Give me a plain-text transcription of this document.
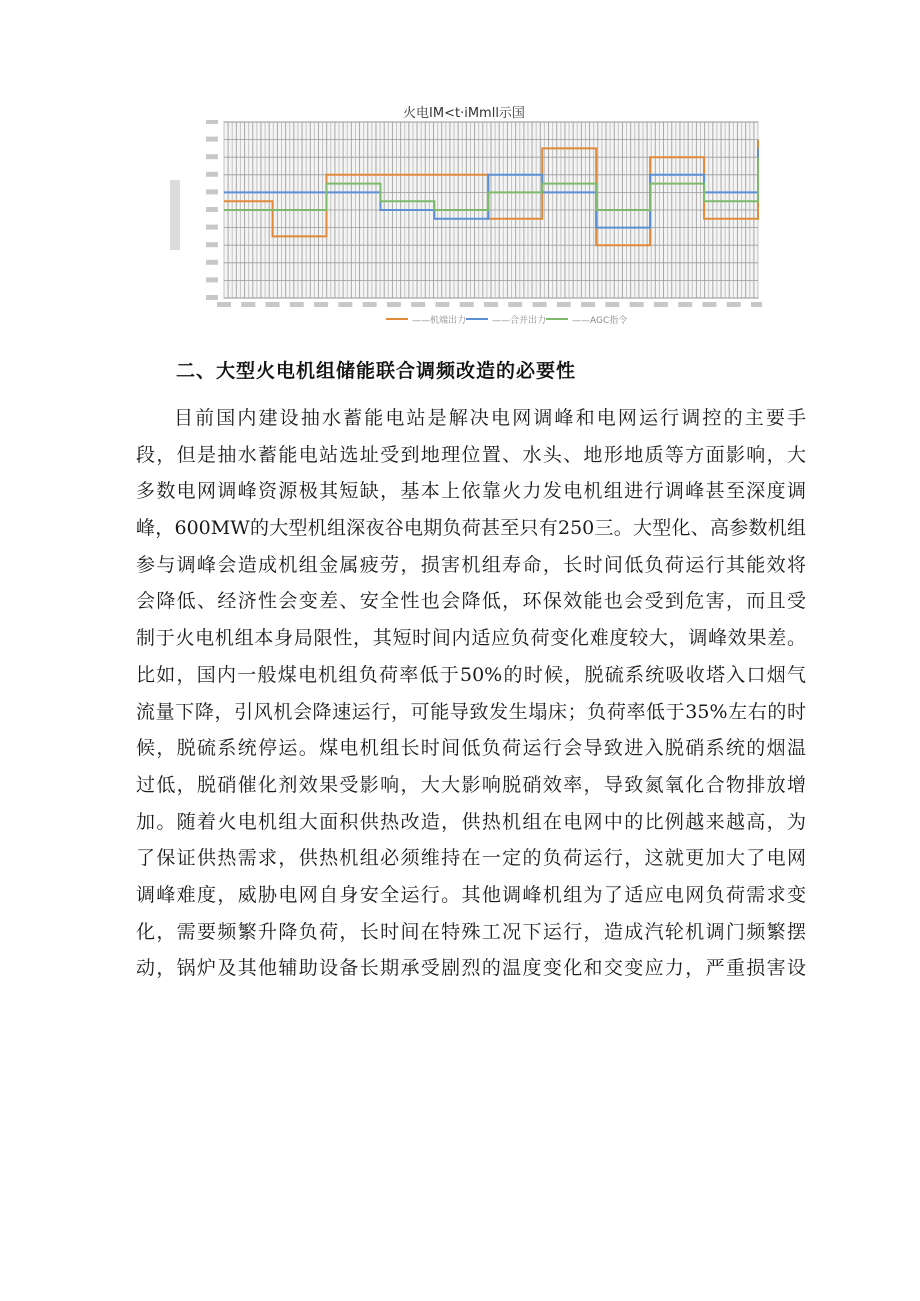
火电IM<t·iMmll示国
——机端出力	——合并出力	——AGC指令
二、大型火电机组储能联合调频改造的必要性
目前国内建设抽水蓄能电站是解决电网调峰和电网运行调控的主要手
段，但是抽水蓄能电站选址受到地理位置、水头、地形地质等方面影响，大
多数电网调峰资源极其短缺，基本上依靠火力发电机组进行调峰甚至深度调
峰，600MW的大型机组深夜谷电期负荷甚至只有250三。大型化、高参数机组
参与调峰会造成机组金属疲劳，损害机组寿命，长时间低负荷运行其能效将
会降低、经济性会变差、安全性也会降低，环保效能也会受到危害，而且受
制于火电机组本身局限性，其短时间内适应负荷变化难度较大，调峰效果差。
比如，国内一般煤电机组负荷率低于50%的时候，脱硫系统吸收塔入口烟气
流量下降，引风机会降速运行，可能导致发生塌床；负荷率低于35%左右的时
候，脱硫系统停运。煤电机组长时间低负荷运行会导致进入脱硝系统的烟温
过低，脱硝催化剂效果受影响，大大影响脱硝效率，导致氮氧化合物排放增
加。随着火电机组大面积供热改造，供热机组在电网中的比例越来越高，为
了保证供热需求，供热机组必须维持在一定的负荷运行，这就更加大了电网
调峰难度，威胁电网自身安全运行。其他调峰机组为了适应电网负荷需求变
化，需要频繁升降负荷，长时间在特殊工况下运行，造成汽轮机调门频繁摆
动，锅炉及其他辅助设备长期承受剧烈的温度变化和交变应力，严重损害设
